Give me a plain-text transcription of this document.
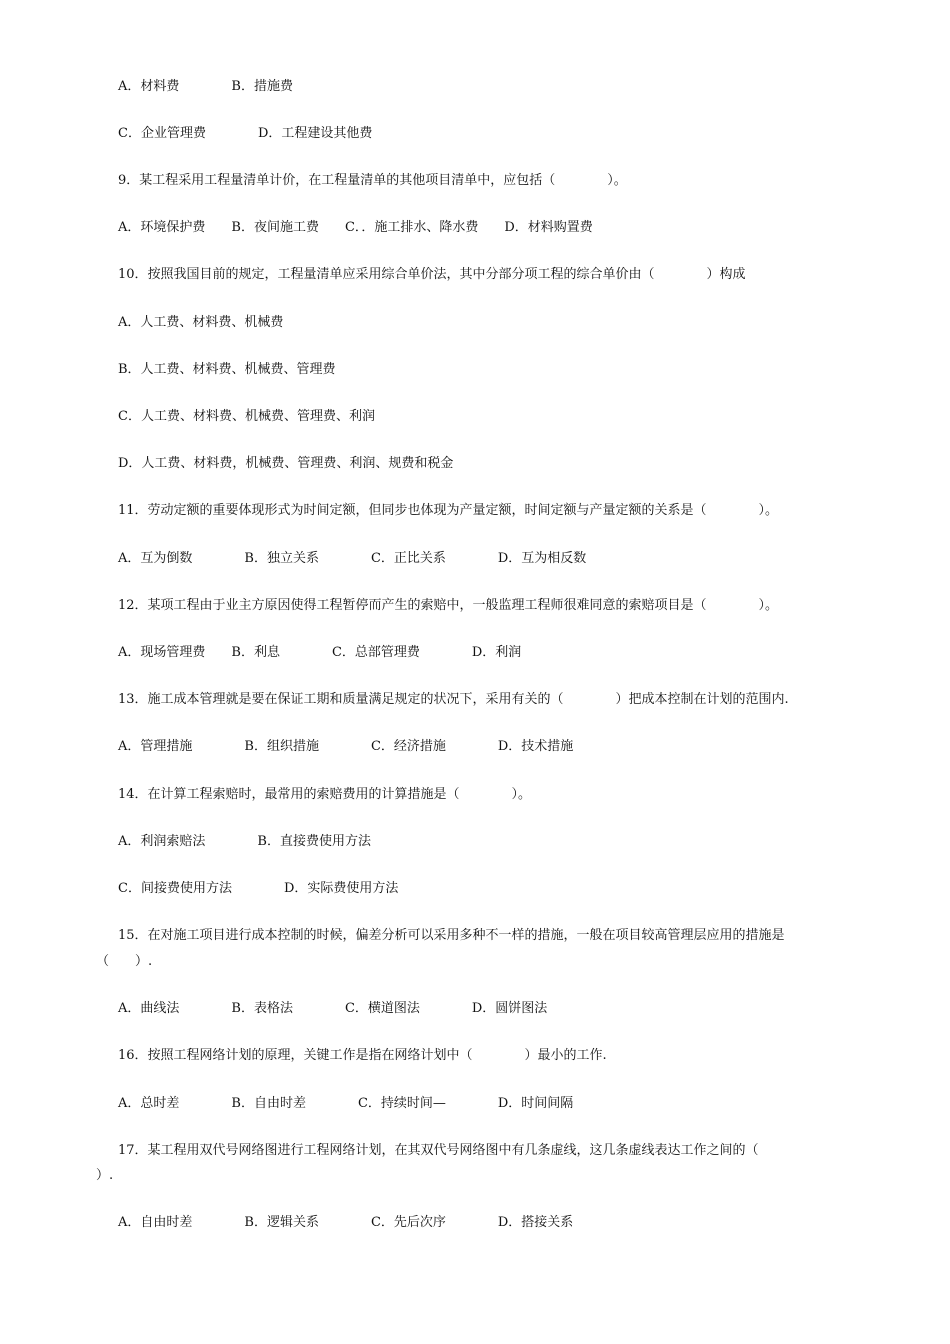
A．材料费　　　　B．措施费
C．企业管理费　　　　D．工程建设其他费
9．某工程采用工程量清单计价，在工程量清单的其他项目清单中，应包括（　　　　）。
A．环境保护费　　B．夜间施工费　　C．．施工排水、降水费　　D．材料购置费
10．按照我国目前的规定，工程量清单应采用综合单价法，其中分部分项工程的综合单价由（　　　　）构成
A．人工费、材料费、机械费
B．人工费、材料费、机械费、管理费
C．人工费、材料费、机械费、管理费、利润
D．人工费、材料费，机械费、管理费、利润、规费和税金
11．劳动定额的重要体现形式为时间定额，但同步也体现为产量定额，时间定额与产量定额的关系是（　　　　）。
A．互为倒数　　　　B．独立关系　　　　C．正比关系　　　　D．互为相反数
12．某项工程由于业主方原因使得工程暂停而产生的索赔中，一般监理工程师很难同意的索赔项目是（　　　　）。
A．现场管理费　　B．利息　　　　C．总部管理费　　　　D．利润
13．施工成本管理就是要在保证工期和质量满足规定的状况下，采用有关的（　　　　）把成本控制在计划的范围内.
A．管理措施　　　　B．组织措施　　　　C．经济措施　　　　D．技术措施
14．在计算工程索赔时，最常用的索赔费用的计算措施是（　　　　）。
A．利润索赔法　　　　B．直接费使用方法
C．间接费使用方法　　　　D．实际费使用方法
15．在对施工项目进行成本控制的时候，偏差分析可以采用多种不一样的措施，一般在项目较高管理层应用的措施是
（　　）.
A．曲线法　　　　B．表格法　　　　C．横道图法　　　　D．圆饼图法
16．按照工程网络计划的原理，关键工作是指在网络计划中（　　　　）最小的工作.
A．总时差　　　　B．自由时差　　　　C．持续时间—　　　　D．时间间隔
17．某工程用双代号网络图进行工程网络计划，在其双代号网络图中有几条虚线，这几条虚线表达工作之间的（
）.
A．自由时差　　　　B．逻辑关系　　　　C．先后次序　　　　D．搭接关系
